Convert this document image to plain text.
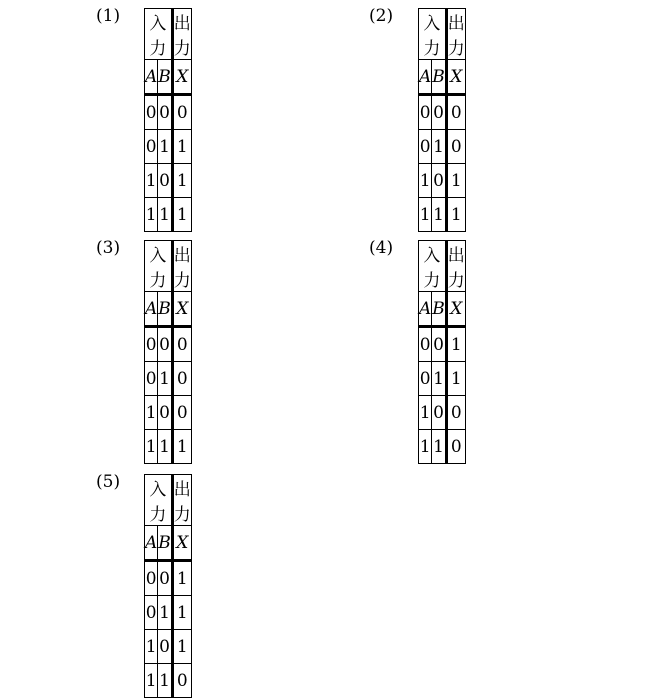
(1) 入 力		出力
A	B	X
0	0	0
0	1	1
1	0	1
1	1	1
(2) 入 力		出力
A	B	X
0	0	0
0	1	0
1	0	1
1	1	1
(3) 入 力		出力
A	B	X
0	0	0
0	1	0
1	0	0
1	1	1
(4) 入 力		出力
A	B	X
0	0	1
0	1	1
1	0	0
1	1	0
(5) 入 力		出力
A	B	X
0	0	1
0	1	1
1	0	1
1	1	0
